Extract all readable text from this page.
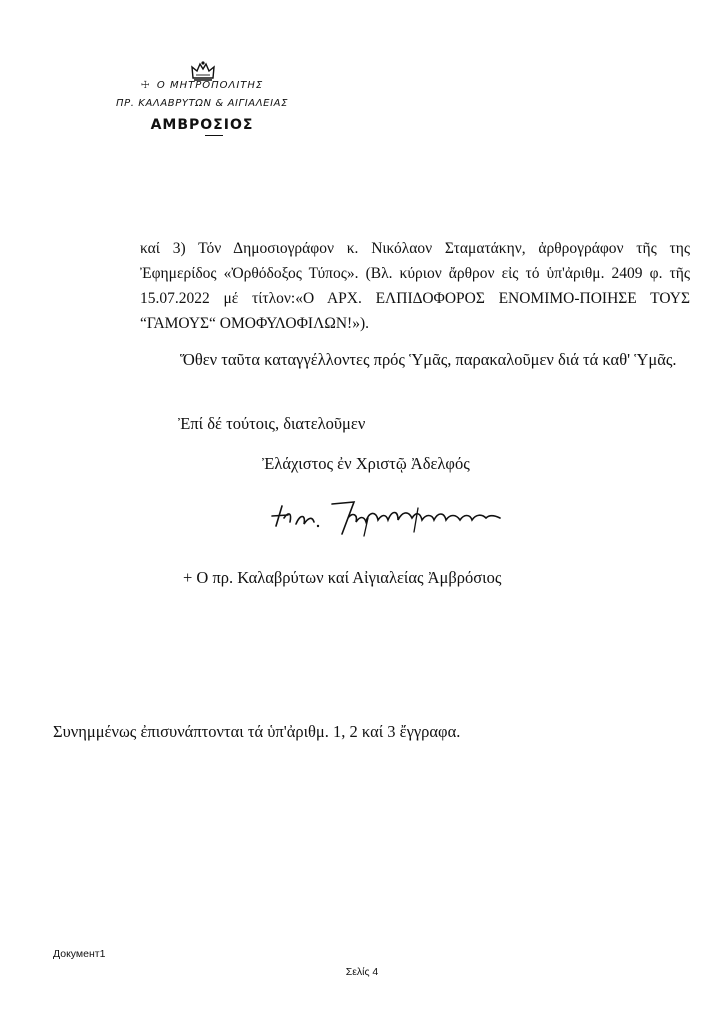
☩ Ο ΜΗΤΡΟΠΟΛΙΤΗΣ
ΠΡ. ΚΑΛΑΒΡΥΤΩΝ & ΑΙΓΙΑΛΕΙΑΣ
ΑΜΒΡΟΣΙΟΣ
καί 3) Τόν Δημοσιογράφον κ. Νικόλαον Σταματάκην, ἀρθρογράφον τῆς της Ἐφημερίδος «Ὀρθόδοξος Τύπος». (Βλ. κύριον ἄρθρον εἰς τό ὑπ'ἀριθμ. 2409 φ. τῆς 15.07.2022 μέ τίτλον:«Ο ΑΡΧ. ΕΛΠΙΔΟΦΟΡΟΣ ΕΝΟΜΙΜΟ-ΠΟΙΗΣΕ ΤΟΥΣ “ΓΑΜΟΥΣ“ ΟΜΟΦΥΛΟΦΙΛΩΝ!»).
Ὅθεν ταῦτα καταγγέλλοντες πρός Ὑμᾶς, παρακαλοῦμεν διά τά καθ' Ὑμᾶς.
Ἐπί δέ τούτοις, διατελοῦμεν
Ἐλάχιστος ἐν Χριστῷ Ἀδελφός
+ Ο πρ. Καλαβρύτων καί Αἰγιαλείας Ἀμβρόσιος
Συνημμένως ἐπισυνάπτονται τά ὑπ'ἀριθμ. 1, 2 καί 3 ἔγγραφα.
Документ1
Σελίς 4
